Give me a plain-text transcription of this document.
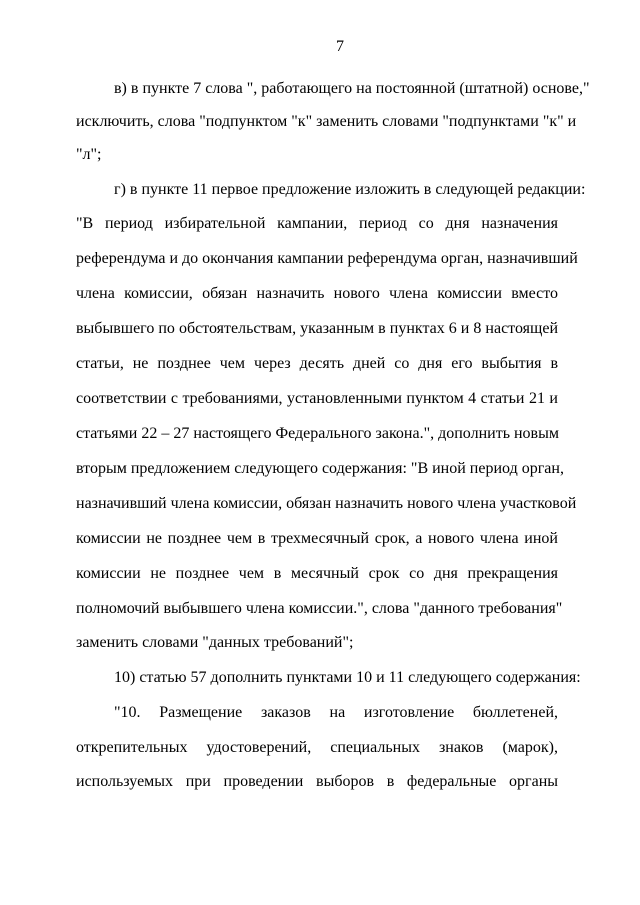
7
в) в пункте 7 слова ", работающего на постоянной (штатной) основе,"
исключить, слова "подпунктом "к" заменить словами "подпунктами "к" и
"л";
г) в пункте 11 первое предложение изложить в следующей редакции:
"В период избирательной кампании, период со дня назначения
референдума и до окончания кампании референдума орган, назначивший
члена комиссии, обязан назначить нового члена комиссии вместо
выбывшего по обстоятельствам, указанным в пунктах 6 и 8 настоящей
статьи, не позднее чем через десять дней со дня его выбытия в
соответствии с требованиями, установленными пунктом 4 статьи 21 и
статьями 22 – 27 настоящего Федерального закона.", дополнить новым
вторым предложением следующего содержания: "В иной период орган,
назначивший члена комиссии, обязан назначить нового члена участковой
комиссии не позднее чем в трехмесячный срок, а нового члена иной
комиссии не позднее чем в месячный срок со дня прекращения
полномочий выбывшего члена комиссии.", слова "данного требования"
заменить словами "данных требований";
10) статью 57 дополнить пунктами 10 и 11 следующего содержания:
"10. Размещение заказов на изготовление бюллетеней,
открепительных удостоверений, специальных знаков (марок),
используемых при проведении выборов в федеральные органы
